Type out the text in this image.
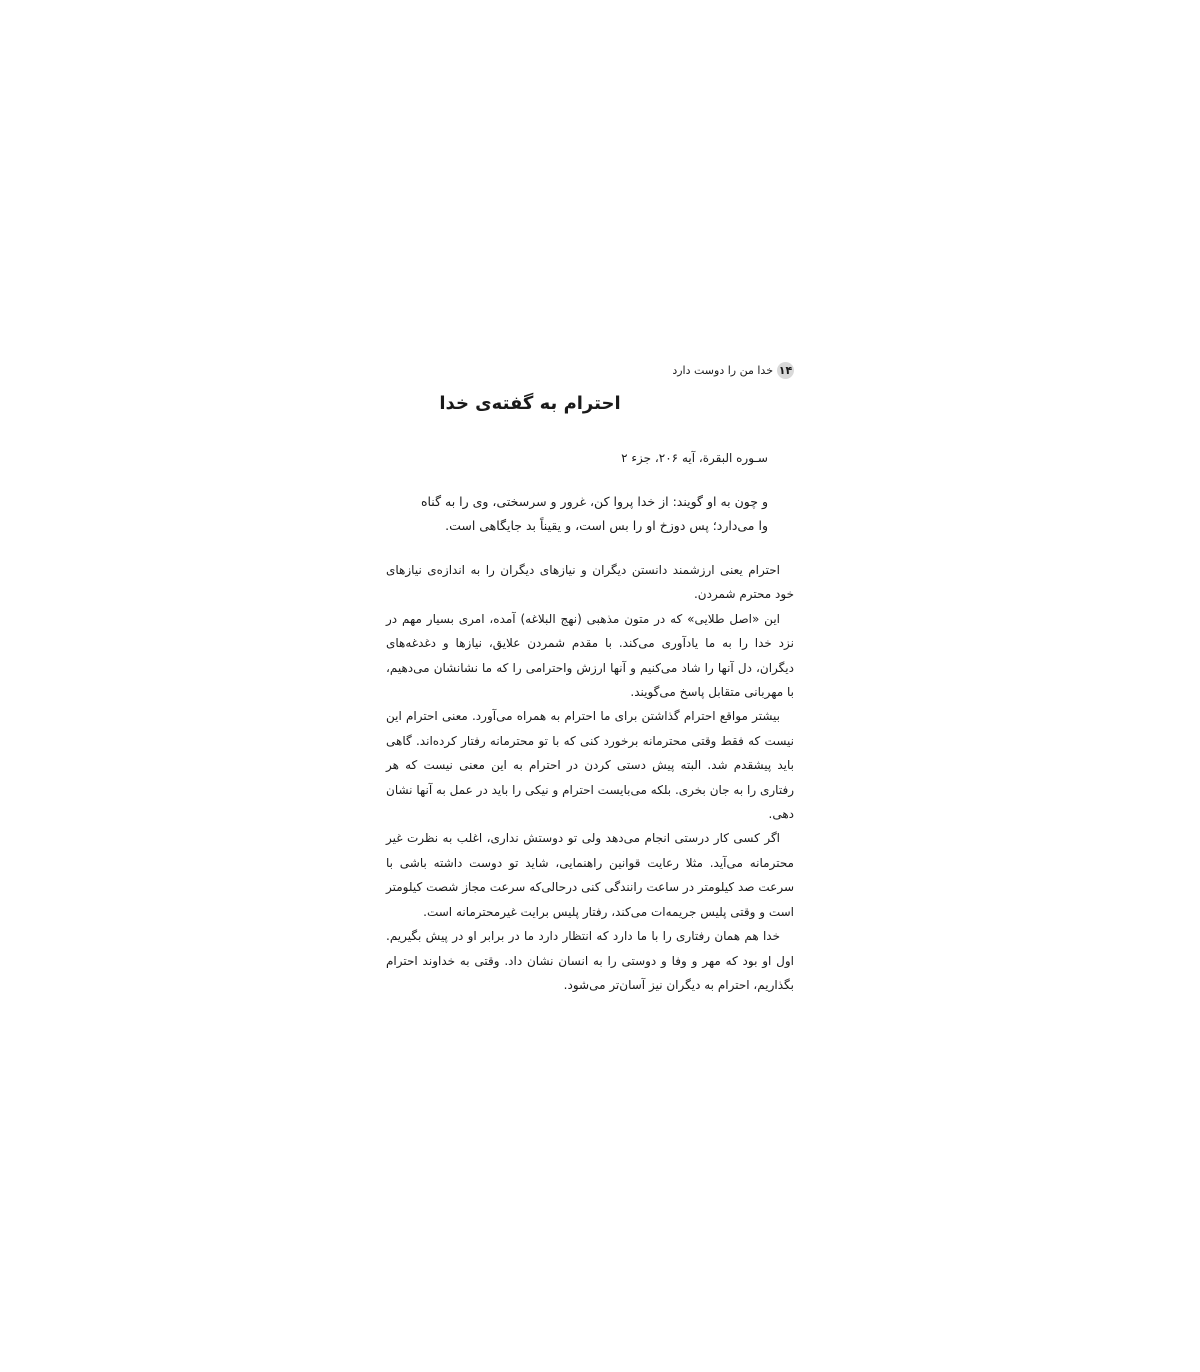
۱۴
خدا من را دوست دارد
احترام به گفته‌ی خدا
سـوره البقرة، آیه ۲۰۶، جزء ۲
و چون به او گویند: از خدا پروا کن، غرور و سرسختی، وی را به گناه وا می‌دارد؛ پس دوزخ او را بس است، و یقیناً بد جایگاهی است.

احترام یعنی ارزشمند دانستن دیگران و نیازهای دیگران را به اندازه‌ی نیازهای خود محترم شمردن.

این «اصل طلایی» که در متون مذهبی (نهج البلاغه) آمده، امری بسیار مهم در نزد خدا را به ما یادآوری می‌کند. با مقدم شمردن علایق، نیازها و دغدغه‌های دیگران، دل آنها را شاد می‌کنیم و آنها ارزش واحترامی را که ما نشانشان می‌دهیم، با مهربانی متقابل پاسخ می‌گویند.

بیشتر مواقع احترام گذاشتن برای ما احترام به همراه می‌آورد. معنی احترام این نیست که فقط وقتی محترمانه برخورد کنی که با تو محترمانه رفتار کرده‌اند. گاهی باید پیشقدم شد. البته پیش دستی کردن در احترام به این معنی نیست که هر رفتاری را به جان بخری. بلکه می‌بایست احترام و نیکی را باید در عمل به آنها نشان دهی.

اگر کسی کار درستی انجام می‌دهد ولی تو دوستش نداری، اغلب به نظرت غیر محترمانه می‌آید. مثلا رعایت قوانین راهنمایی، شاید تو دوست داشته باشی با سرعت صد کیلومتر در ساعت رانندگی کنی درحالی‌که سرعت مجاز شصت کیلومتر است و وقتی پلیس جریمه‌ات می‌کند، رفتار پلیس برایت غیرمحترمانه است.

خدا هم همان رفتاری را با ما دارد که انتظار دارد ما در برابر او در پیش بگیریم. اول او بود که مهر و وفا و دوستی را به انسان نشان داد. وقتی به خداوند احترام بگذاریم، احترام به دیگران نیز آسان‌تر می‌شود.
